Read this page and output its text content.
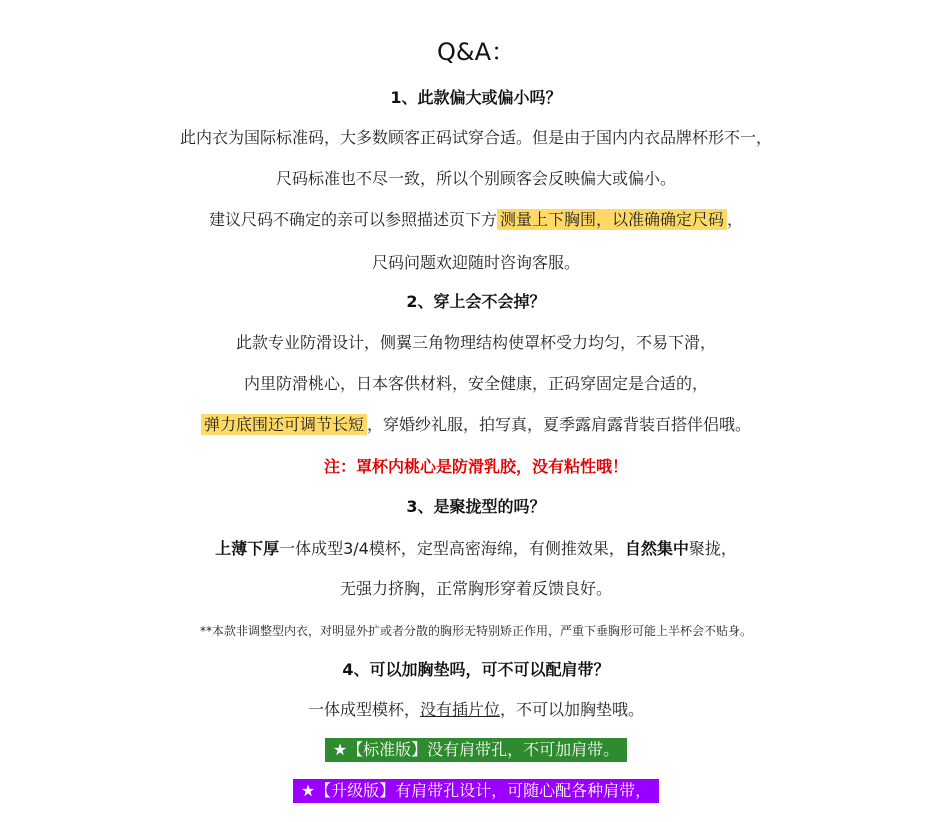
Q&A：
1、此款偏大或偏小吗？
此内衣为国际标准码，大多数顾客正码试穿合适。但是由于国内内衣品牌杯形不一，
尺码标准也不尽一致，所以个别顾客会反映偏大或偏小。
建议尺码不确定的亲可以参照描述页下方 测量上下胸围，以准确确定尺码 ，
尺码问题欢迎随时咨询客服。
2、穿上会不会掉？
此款专业防滑设计，侧翼三角物理结构使罩杯受力均匀，不易下滑，
内里防滑桃心，日本客供材料，安全健康，正码穿固定是合适的，
弹力底围还可调节长短 ，穿婚纱礼服，拍写真，夏季露肩露背装百搭伴侣哦。
注：罩杯内桃心是防滑乳胶，没有粘性哦！
3、是聚拢型的吗？
上薄下厚一体成型3/4模杯，定型高密海绵，有侧推效果，自然集中聚拢，
无强力挤胸，正常胸形穿着反馈良好。
**本款非调整型内衣，对明显外扩或者分散的胸形无特别矫正作用，严重下垂胸形可能上半杯会不贴身。
4、可以加胸垫吗，可不可以配肩带？
一体成型模杯，没有插片位，不可以加胸垫哦。
★【标准版】没有肩带孔，不可加肩带。
★【升级版】有肩带孔设计，可随心配各种肩带，
